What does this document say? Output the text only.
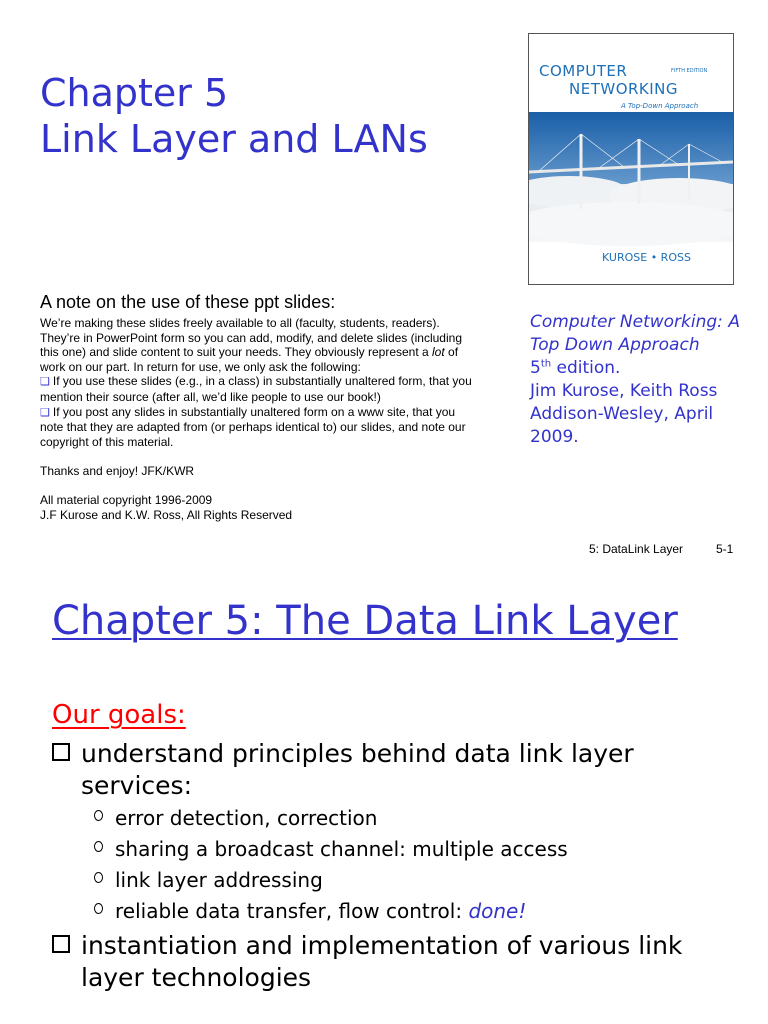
Chapter 5
Link Layer and LANs
COMPUTER	FIFTH EDITION
NETWORKING
A Top-Down Approach
KUROSE • ROSS
A note on the use of these ppt slides:

We’re making these slides freely available to all (faculty, students, readers). They’re in PowerPoint form so you can add, modify, and delete slides (including this one) and slide content to suit your needs. They obviously represent a lot of work on our part. In return for use, we only ask the following:

❑ If you use these slides (e.g., in a class) in substantially unaltered form, that you mention their source (after all, we’d like people to use our book!)

❑ If you post any slides in substantially unaltered form on a www site, that you note that they are adapted from (or perhaps identical to) our slides, and note our copyright of this material.

Thanks and enjoy! JFK/KWR

All material copyright 1996-2009

J.F Kurose and K.W. Ross, All Rights Reserved

Computer Networking: A Top Down Approach
5th edition.
Jim Kurose, Keith Ross
Addison-Wesley, April 2009.
5: DataLink Layer	5-1
Chapter 5: The Data Link Layer
Our goals:
understand principles behind data link layer services:
error detection, correction
sharing a broadcast channel: multiple access
link layer addressing
reliable data transfer, flow control: done!
instantiation and implementation of various link layer technologies
